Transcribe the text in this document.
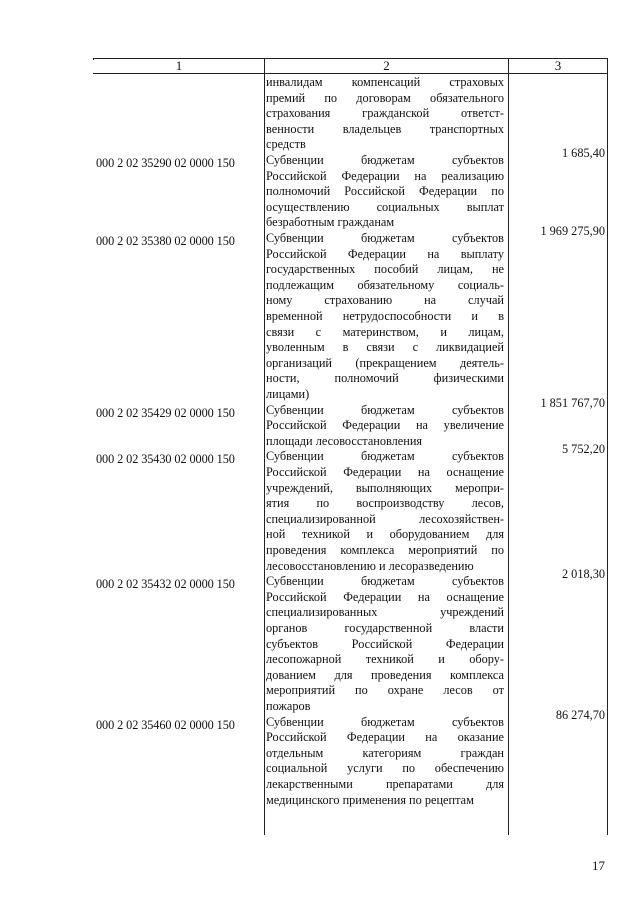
1	2	3
инвалидам компенсаций страховых
премий по договорам обязательного
страхования гражданской ответст-
венности владельцев транспортных
средств
1 685,40
Субвенции бюджетам субъектов
Российской Федерации на реализацию
полномочий Российской Федерации по
осуществлению социальных выплат
безработным гражданам
000 2 02 35290 02 0000 150
1 969 275,90
Субвенции бюджетам субъектов
Российской Федерации на выплату
государственных пособий лицам, не
подлежащим обязательному социаль-
ному страхованию на случай
временной нетрудоспособности и в
связи с материнством, и лицам,
уволенным в связи с ликвидацией
организаций (прекращением деятель-
ности, полномочий физическими
лицами)
000 2 02 35380 02 0000 150
1 851 767,70
Субвенции бюджетам субъектов
Российской Федерации на увеличение
площади лесовосстановления
000 2 02 35429 02 0000 150
5 752,20
Субвенции бюджетам субъектов
Российской Федерации на оснащение
учреждений, выполняющих меропри-
ятия по воспроизводству лесов,
специализированной лесохозяйствен-
ной техникой и оборудованием для
проведения комплекса мероприятий по
лесовосстановлению и лесоразведению
000 2 02 35430 02 0000 150
2 018,30
Субвенции бюджетам субъектов
Российской Федерации на оснащение
специализированных учреждений
органов государственной власти
субъектов Российской Федерации
лесопожарной техникой и обору-
дованием для проведения комплекса
мероприятий по охране лесов от
пожаров
000 2 02 35432 02 0000 150
86 274,70
Субвенции бюджетам субъектов
Российской Федерации на оказание
отдельным категориям граждан
социальной услуги по обеспечению
лекарственными препаратами для
медицинского применения по рецептам
000 2 02 35460 02 0000 150
17
